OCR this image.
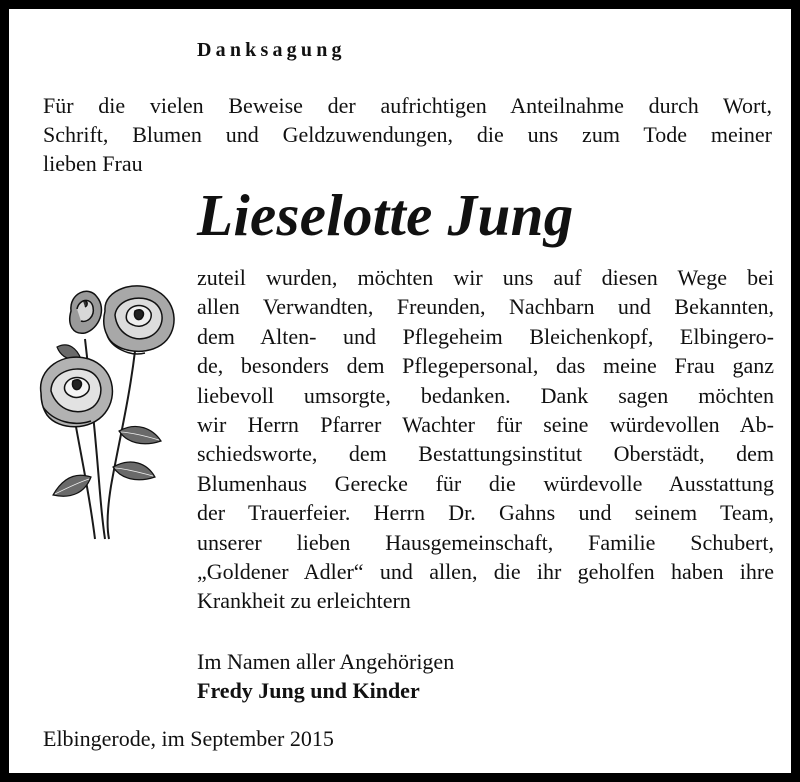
Danksagung
Für die vielen Beweise der aufrichtigen Anteilnahme durch Wort,
Schrift, Blumen und Geldzuwendungen, die uns zum Tode meiner
lieben Frau
Lieselotte Jung
zuteil wurden, möchten wir uns auf diesen Wege bei
allen Verwandten, Freunden, Nachbarn und Bekannten,
dem Alten- und Pflegeheim Bleichenkopf, Elbingero-
de, besonders dem Pflegepersonal, das meine Frau ganz
liebevoll umsorgte, bedanken. Dank sagen möchten
wir Herrn Pfarrer Wachter für seine würdevollen Ab-
schiedsworte, dem Bestattungsinstitut Oberstädt, dem
Blumenhaus Gerecke für die würdevolle Ausstattung
der Trauerfeier. Herrn Dr. Gahns und seinem Team,
unserer lieben Hausgemeinschaft, Familie Schubert,
„Goldener Adler“ und allen, die ihr geholfen haben ihre
Krankheit zu erleichtern
Im Namen aller Angehörigen
Fredy Jung und Kinder
Elbingerode, im September 2015
